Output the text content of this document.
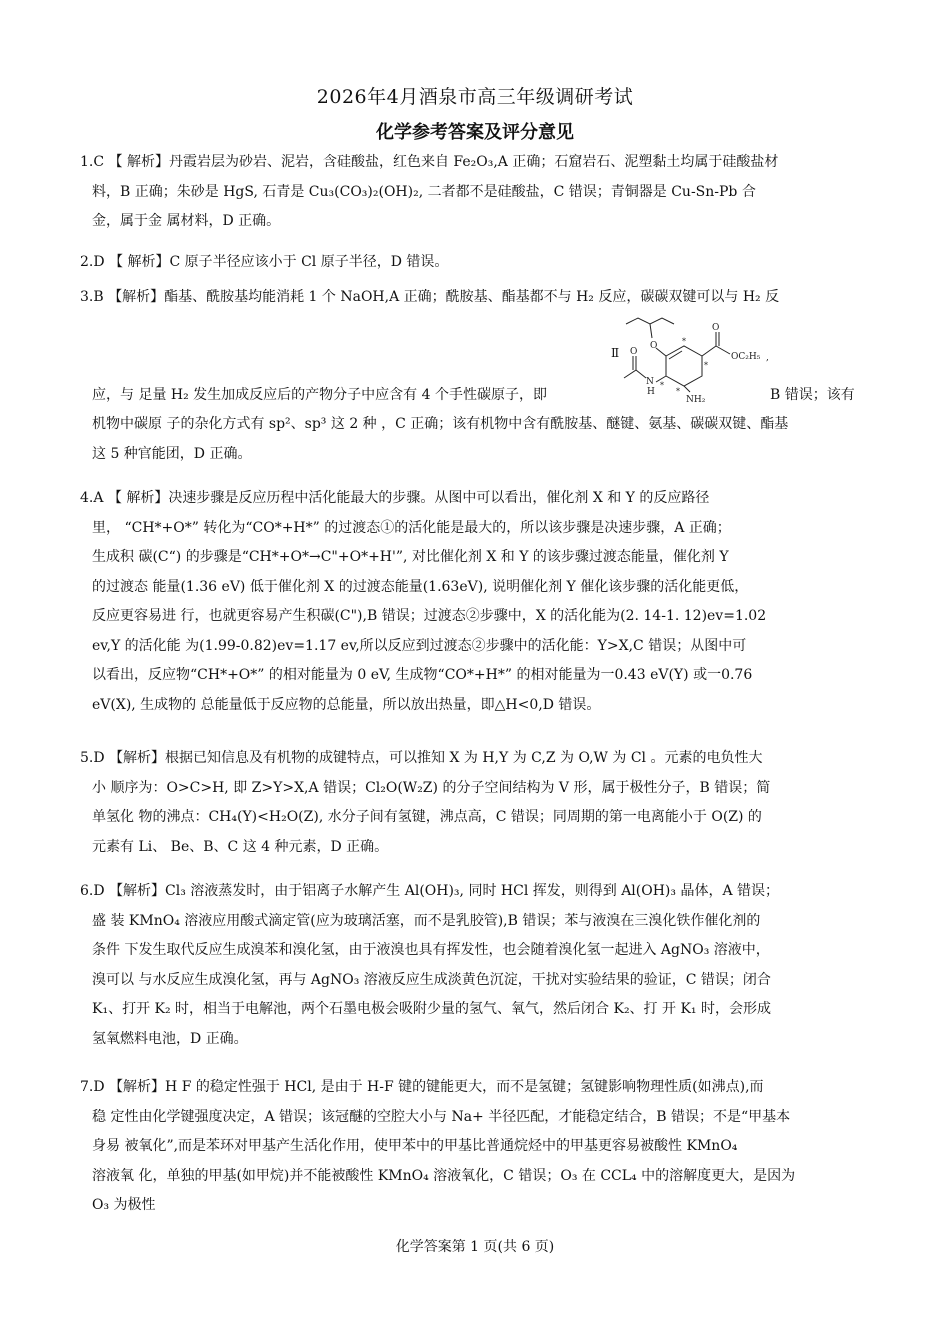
2026年4月酒泉市高三年级调研考试
化学参考答案及评分意见
1.C 【 解析】丹霞岩层为砂岩、泥岩，含硅酸盐，红色来自 Fe₂O₃,A 正确；石窟岩石、泥塑黏土均属于硅酸盐材
料，B 正确；朱砂是 HgS, 石青是 Cu₃(CO₃)₂(OH)₂, 二者都不是硅酸盐，C 错误；青铜器是 Cu-Sn-Pb 合
金，属于金 属材料，D 正确。
2.D 【 解析】C 原子半径应该小于 Cl 原子半径，D 错误。
3.B 【解析】酯基、酰胺基均能消耗 1 个 NaOH,A 正确；酰胺基、酯基都不与 H₂ 反应，碳碳双键可以与 H₂ 反
应，与 足量 H₂ 发生加成反应后的产物分子中应含有 4 个手性碳原子，即	B 错误；该有
机物中碳原 子的杂化方式有 sp²、sp³ 这 2 种 ，C 正确；该有机物中含有酰胺基、醚键、氨基、碳碳双键、酯基
这 5 种官能团，D 正确。
Ⅱ	O
O
O
N
H
NH₂
OC₂H₅ ,
*
*
*
*
4.A 【 解析】决速步骤是反应历程中活化能最大的步骤。从图中可以看出，催化剂 X 和 Y 的反应路径
里， “CH*+O*” 转化为“CO*+H*” 的过渡态①的活化能是最大的，所以该步骤是决速步骤，A 正确；
生成积 碳(C“) 的步骤是“CH*+O*→C"+O*+H'”, 对比催化剂 X 和 Y 的该步骤过渡态能量，催化剂 Y
的过渡态 能量(1.36 eV) 低于催化剂 X 的过渡态能量(1.63eV), 说明催化剂 Y 催化该步骤的活化能更低，
反应更容易进 行，也就更容易产生积碳(C"),B 错误；过渡态②步骤中，X 的活化能为(2. 14-1. 12)ev=1.02
ev,Y 的活化能 为(1.99-0.82)ev=1.17 ev,所以反应到过渡态②步骤中的活化能：Y>X,C 错误；从图中可
以看出，反应物“CH*+O*” 的相对能量为 0 eV, 生成物“CO*+H*” 的相对能量为一0.43 eV(Y) 或一0.76
eV(X), 生成物的 总能量低于反应物的总能量，所以放出热量，即△H<0,D 错误。
5.D 【解析】根据已知信息及有机物的成键特点，可以推知 X 为 H,Y 为 C,Z 为 O,W 为 Cl 。元素的电负性大
小 顺序为：O>C>H, 即 Z>Y>X,A 错误；Cl₂O(W₂Z) 的分子空间结构为 V 形，属于极性分子，B 错误；简
单氢化 物的沸点：CH₄(Y)<H₂O(Z), 水分子间有氢键，沸点高，C 错误；同周期的第一电离能小于 O(Z) 的
元素有 Li、 Be、B、C 这 4 种元素，D 正确。
6.D 【解析】Cl₃ 溶液蒸发时，由于铝离子水解产生 Al(OH)₃, 同时 HCl 挥发，则得到 Al(OH)₃ 晶体，A 错误；
盛 装 KMnO₄ 溶液应用酸式滴定管(应为玻璃活塞，而不是乳胶管),B 错误；苯与液溴在三溴化铁作催化剂的
条件 下发生取代反应生成溴苯和溴化氢，由于液溴也具有挥发性，也会随着溴化氢一起进入 AgNO₃ 溶液中，
溴可以 与水反应生成溴化氢，再与 AgNO₃ 溶液反应生成淡黄色沉淀，干扰对实验结果的验证，C 错误；闭合
K₁、打开 K₂ 时，相当于电解池，两个石墨电极会吸附少量的氢气、氧气，然后闭合 K₂、打 开 K₁ 时，会形成
氢氧燃料电池，D 正确。
7.D 【解析】H F 的稳定性强于 HCl, 是由于 H-F 键的键能更大，而不是氢键；氢键影响物理性质(如沸点),而
稳 定性由化学键强度决定，A 错误；该冠醚的空腔大小与 Na+ 半径匹配，才能稳定结合，B 错误；不是“甲基本
身易 被氧化”,而是苯环对甲基产生活化作用，使甲苯中的甲基比普通烷烃中的甲基更容易被酸性 KMnO₄
溶液氧 化，单独的甲基(如甲烷)并不能被酸性 KMnO₄ 溶液氧化，C 错误；O₃ 在 CCL₄ 中的溶解度更大，是因为
O₃ 为极性
化学答案第 1 页(共 6 页)
